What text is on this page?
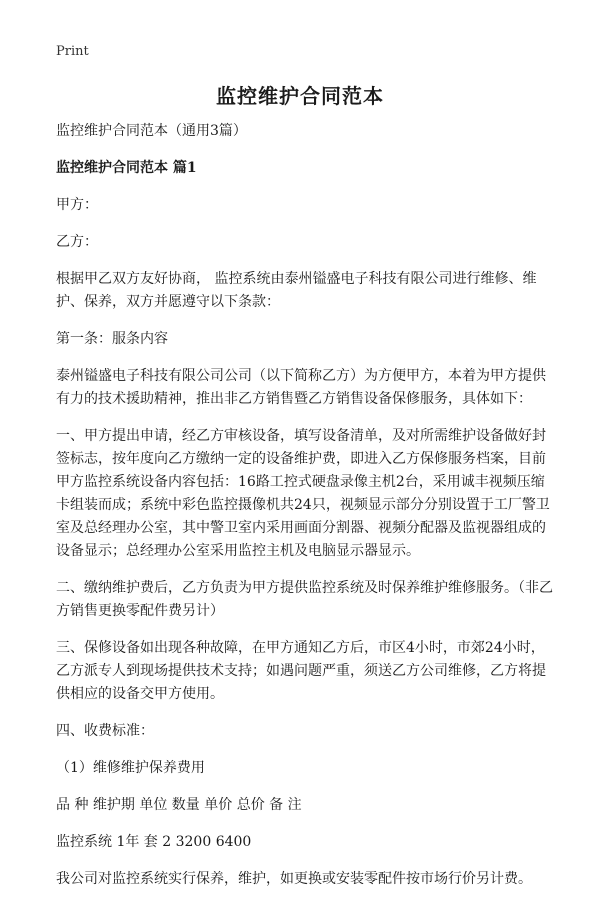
Print
监控维护合同范本

监控维护合同范本（通用3篇）

监控维护合同范本 篇1

甲方：

乙方：

根据甲乙双方友好协商， 监控系统由泰州镒盛电子科技有限公司进行维修、维护、保养，双方并愿遵守以下条款：

第一条：服条内容

泰州镒盛电子科技有限公司公司（以下简称乙方）为方便甲方，本着为甲方提供有力的技术援助精神，推出非乙方销售暨乙方销售设备保修服务，具体如下：

一、甲方提出申请，经乙方审核设备，填写设备清单，及对所需维护设备做好封签标志，按年度向乙方缴纳一定的设备维护费，即进入乙方保修服务档案，目前甲方监控系统设备内容包括：16路工控式硬盘录像主机2台，采用诚丰视频压缩卡组装而成；系统中彩色监控摄像机共24只，视频显示部分分别设置于工厂警卫室及总经理办公室，其中警卫室内采用画面分割器、视频分配器及监视器组成的设备显示；总经理办公室采用监控主机及电脑显示器显示。

二、缴纳维护费后，乙方负责为甲方提供监控系统及时保养维护维修服务。（非乙方销售更换零配件费另计）

三、保修设备如出现各种故障，在甲方通知乙方后，市区4小时，市郊24小时，乙方派专人到现场提供技术支持；如遇问题严重，须送乙方公司维修，乙方将提供相应的设备交甲方使用。

四、收费标准：

（1）维修维护保养费用

品 种 维护期 单位 数量 单价 总价 备 注

监控系统 1年 套 2 3200 6400

我公司对监控系统实行保养，维护，如更换或安装零配件按市场行价另计费。
